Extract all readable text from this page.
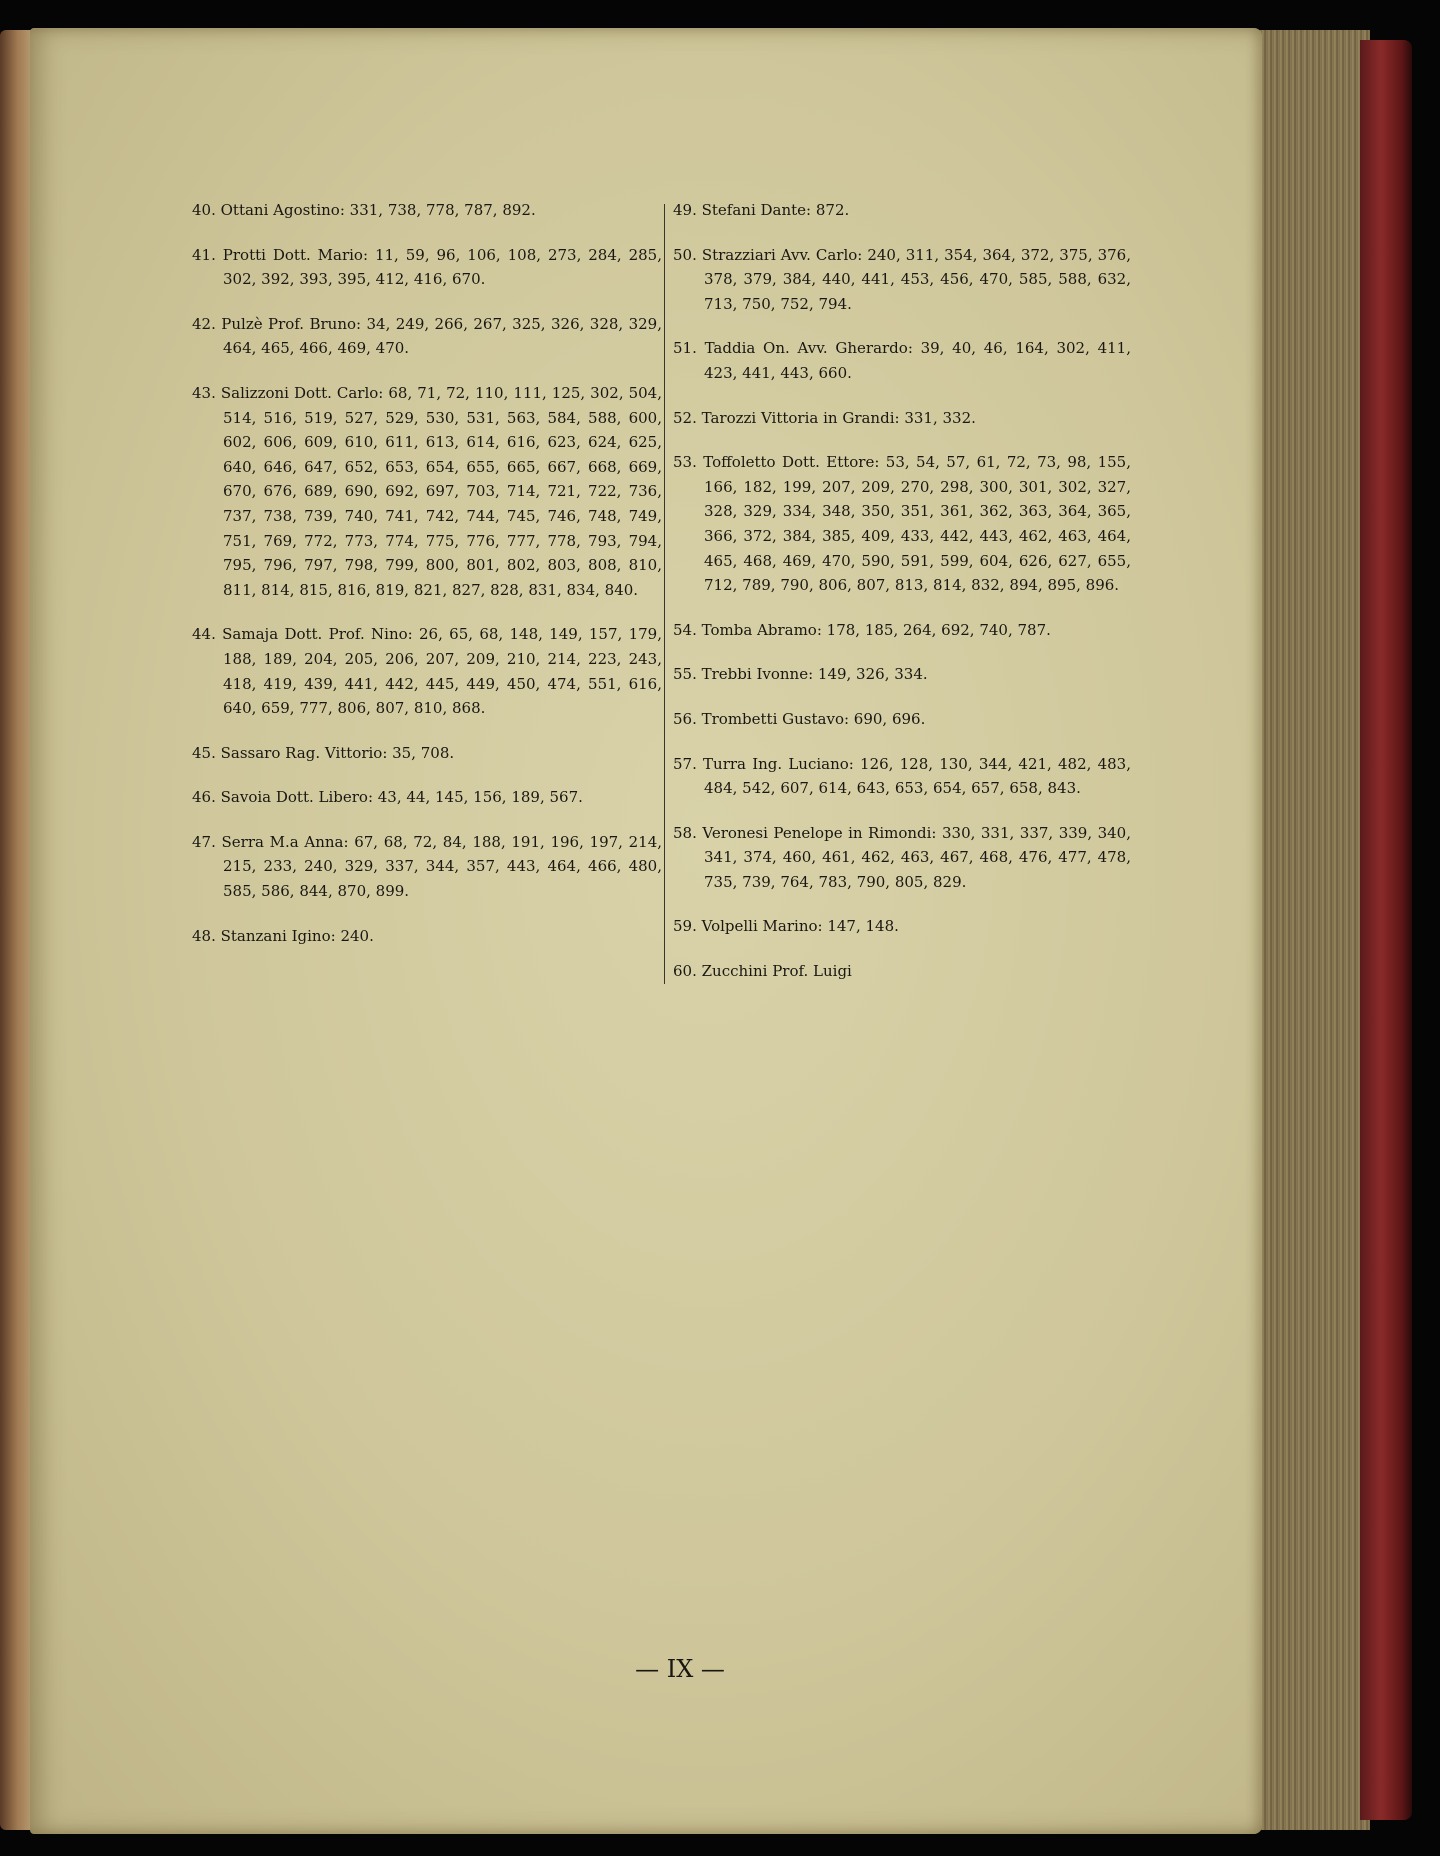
40. Ottani Agostino: 331, 738, 778, 787, 892.

41. Protti Dott. Mario: 11, 59, 96, 106, 108, 273, 284, 285, 302, 392, 393, 395, 412, 416, 670.

42. Pulzè Prof. Bruno: 34, 249, 266, 267, 325, 326, 328, 329, 464, 465, 466, 469, 470.

43. Salizzoni Dott. Carlo: 68, 71, 72, 110, 111, 125, 302, 504, 514, 516, 519, 527, 529, 530, 531, 563, 584, 588, 600, 602, 606, 609, 610, 611, 613, 614, 616, 623, 624, 625, 640, 646, 647, 652, 653, 654, 655, 665, 667, 668, 669, 670, 676, 689, 690, 692, 697, 703, 714, 721, 722, 736, 737, 738, 739, 740, 741, 742, 744, 745, 746, 748, 749, 751, 769, 772, 773, 774, 775, 776, 777, 778, 793, 794, 795, 796, 797, 798, 799, 800, 801, 802, 803, 808, 810, 811, 814, 815, 816, 819, 821, 827, 828, 831, 834, 840.

44. Samaja Dott. Prof. Nino: 26, 65, 68, 148, 149, 157, 179, 188, 189, 204, 205, 206, 207, 209, 210, 214, 223, 243, 418, 419, 439, 441, 442, 445, 449, 450, 474, 551, 616, 640, 659, 777, 806, 807, 810, 868.

45. Sassaro Rag. Vittorio: 35, 708.

46. Savoia Dott. Libero: 43, 44, 145, 156, 189, 567.

47. Serra M.a Anna: 67, 68, 72, 84, 188, 191, 196, 197, 214, 215, 233, 240, 329, 337, 344, 357, 443, 464, 466, 480, 585, 586, 844, 870, 899.

48. Stanzani Igino: 240.

49. Stefani Dante: 872.

50. Strazziari Avv. Carlo: 240, 311, 354, 364, 372, 375, 376, 378, 379, 384, 440, 441, 453, 456, 470, 585, 588, 632, 713, 750, 752, 794.

51. Taddia On. Avv. Gherardo: 39, 40, 46, 164, 302, 411, 423, 441, 443, 660.

52. Tarozzi Vittoria in Grandi: 331, 332.

53. Toffoletto Dott. Ettore: 53, 54, 57, 61, 72, 73, 98, 155, 166, 182, 199, 207, 209, 270, 298, 300, 301, 302, 327, 328, 329, 334, 348, 350, 351, 361, 362, 363, 364, 365, 366, 372, 384, 385, 409, 433, 442, 443, 462, 463, 464, 465, 468, 469, 470, 590, 591, 599, 604, 626, 627, 655, 712, 789, 790, 806, 807, 813, 814, 832, 894, 895, 896.

54. Tomba Abramo: 178, 185, 264, 692, 740, 787.

55. Trebbi Ivonne: 149, 326, 334.

56. Trombetti Gustavo: 690, 696.

57. Turra Ing. Luciano: 126, 128, 130, 344, 421, 482, 483, 484, 542, 607, 614, 643, 653, 654, 657, 658, 843.

58. Veronesi Penelope in Rimondi: 330, 331, 337, 339, 340, 341, 374, 460, 461, 462, 463, 467, 468, 476, 477, 478, 735, 739, 764, 783, 790, 805, 829.

59. Volpelli Marino: 147, 148.

60. Zucchini Prof. Luigi

— IX —
